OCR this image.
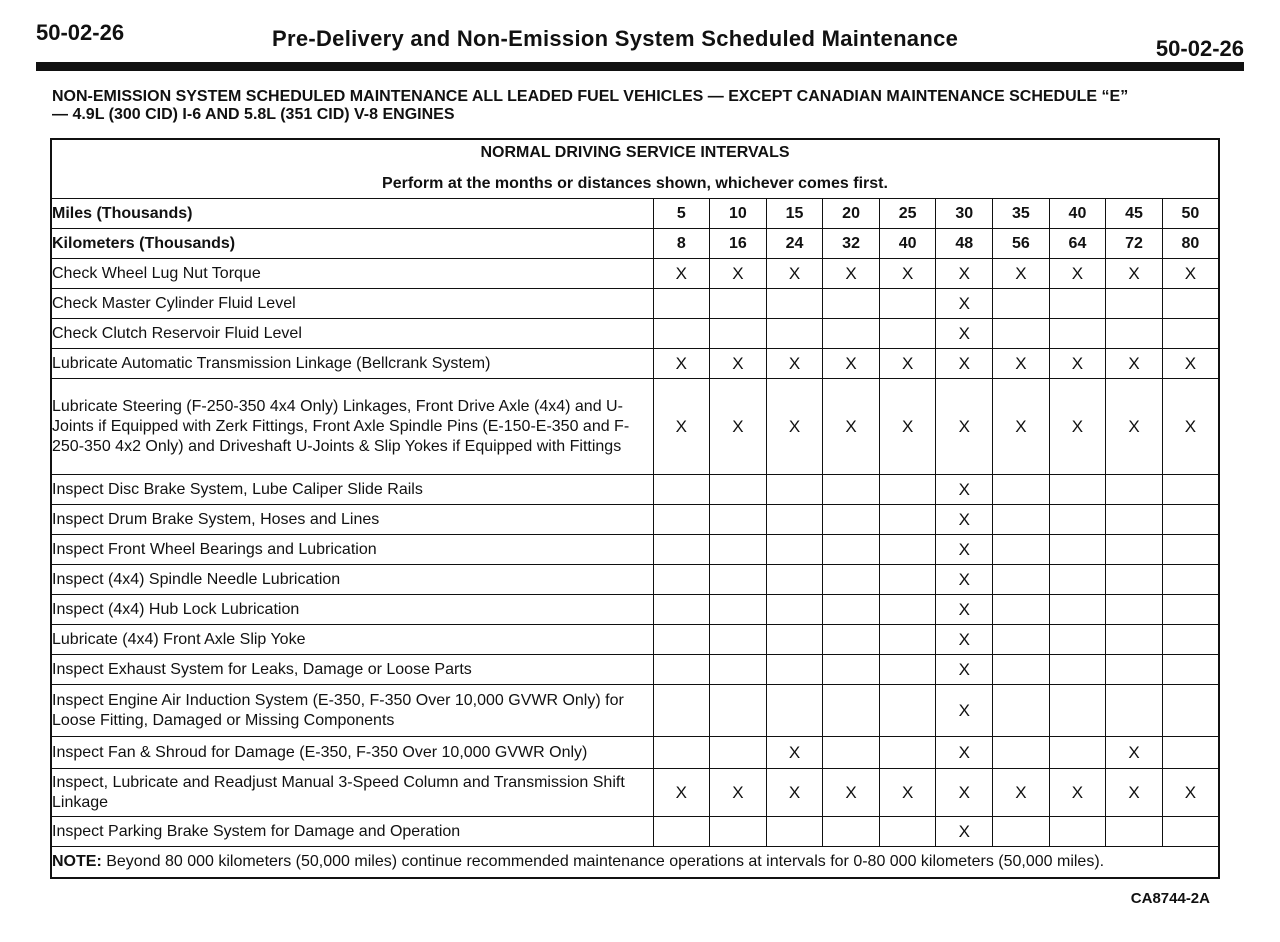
50-02-26	Pre-Delivery and Non-Emission System Scheduled Maintenance	50-02-26
NON-EMISSION SYSTEM SCHEDULED MAINTENANCE ALL LEADED FUEL VEHICLES — EXCEPT CANADIAN MAINTENANCE SCHEDULE “E”
— 4.9L (300 CID) I-6 AND 5.8L (351 CID) V-8 ENGINES
NORMAL DRIVING SERVICE INTERVALS
Perform at the months or distances shown, whichever comes first.										

Miles (Thousands)	5	10	15	20	25	30	35	40	45	50
Kilometers (Thousands)	8	16	24	32	40	48	56	64	72	80
Check Wheel Lug Nut Torque	X	X	X	X	X	X	X	X	X	X
Check Master Cylinder Fluid Level						X				
Check Clutch Reservoir Fluid Level						X				
Lubricate Automatic Transmission Linkage (Bellcrank System)	X	X	X	X	X	X	X	X	X	X
Lubricate Steering (F-250-350 4x4 Only) Linkages, Front Drive Axle (4x4) and U-Joints if Equipped with Zerk Fittings, Front Axle Spindle Pins (E-150-E-350 and F-250-350 4x2 Only) and Driveshaft U-Joints & Slip Yokes if Equipped with Fittings	X	X	X	X	X	X	X	X	X	X
Inspect Disc Brake System, Lube Caliper Slide Rails						X				
Inspect Drum Brake System, Hoses and Lines						X				
Inspect Front Wheel Bearings and Lubrication						X				
Inspect (4x4) Spindle Needle Lubrication						X				
Inspect (4x4) Hub Lock Lubrication						X				
Lubricate (4x4) Front Axle Slip Yoke						X				
Inspect Exhaust System for Leaks, Damage or Loose Parts						X				
Inspect Engine Air Induction System (E-350, F-350 Over 10,000 GVWR Only) for Loose Fitting, Damaged or Missing Components						X				
Inspect Fan & Shroud for Damage (E-350, F-350 Over 10,000 GVWR Only)			X			X			X	
Inspect, Lubricate and Readjust Manual 3-Speed Column and Transmission Shift Linkage	X	X	X	X	X	X	X	X	X	X
Inspect Parking Brake System for Damage and Operation						X				
NOTE: Beyond 80 000 kilometers (50,000 miles) continue recommended maintenance operations at intervals for 0-80 000 kilometers (50,000 miles).										
CA8744-2A
